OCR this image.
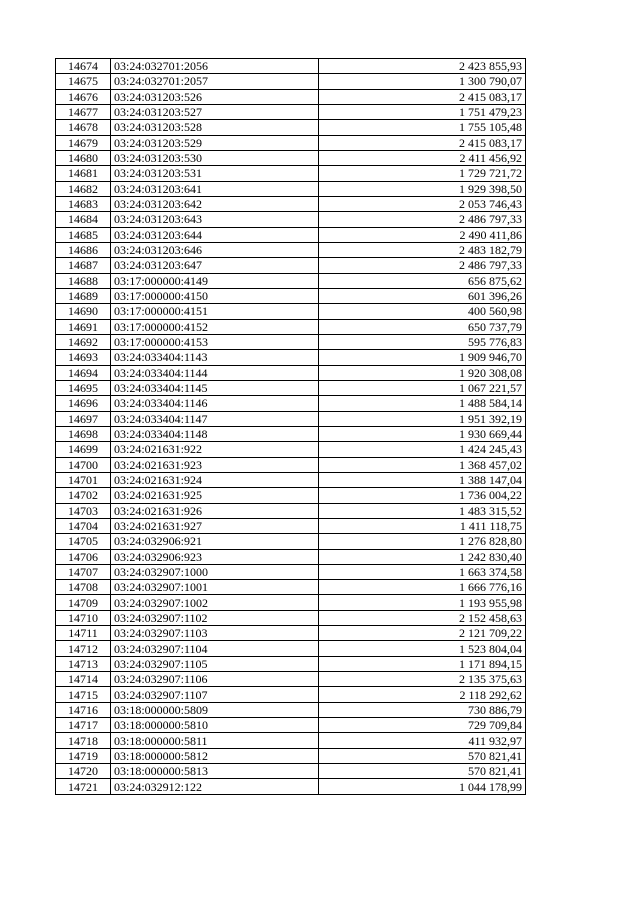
14674	03:24:032701:2056	2 423 855,93
14675	03:24:032701:2057	1 300 790,07
14676	03:24:031203:526	2 415 083,17
14677	03:24:031203:527	1 751 479,23
14678	03:24:031203:528	1 755 105,48
14679	03:24:031203:529	2 415 083,17
14680	03:24:031203:530	2 411 456,92
14681	03:24:031203:531	1 729 721,72
14682	03:24:031203:641	1 929 398,50
14683	03:24:031203:642	2 053 746,43
14684	03:24:031203:643	2 486 797,33
14685	03:24:031203:644	2 490 411,86
14686	03:24:031203:646	2 483 182,79
14687	03:24:031203:647	2 486 797,33
14688	03:17:000000:4149	656 875,62
14689	03:17:000000:4150	601 396,26
14690	03:17:000000:4151	400 560,98
14691	03:17:000000:4152	650 737,79
14692	03:17:000000:4153	595 776,83
14693	03:24:033404:1143	1 909 946,70
14694	03:24:033404:1144	1 920 308,08
14695	03:24:033404:1145	1 067 221,57
14696	03:24:033404:1146	1 488 584,14
14697	03:24:033404:1147	1 951 392,19
14698	03:24:033404:1148	1 930 669,44
14699	03:24:021631:922	1 424 245,43
14700	03:24:021631:923	1 368 457,02
14701	03:24:021631:924	1 388 147,04
14702	03:24:021631:925	1 736 004,22
14703	03:24:021631:926	1 483 315,52
14704	03:24:021631:927	1 411 118,75
14705	03:24:032906:921	1 276 828,80
14706	03:24:032906:923	1 242 830,40
14707	03:24:032907:1000	1 663 374,58
14708	03:24:032907:1001	1 666 776,16
14709	03:24:032907:1002	1 193 955,98
14710	03:24:032907:1102	2 152 458,63
14711	03:24:032907:1103	2 121 709,22
14712	03:24:032907:1104	1 523 804,04
14713	03:24:032907:1105	1 171 894,15
14714	03:24:032907:1106	2 135 375,63
14715	03:24:032907:1107	2 118 292,62
14716	03:18:000000:5809	730 886,79
14717	03:18:000000:5810	729 709,84
14718	03:18:000000:5811	411 932,97
14719	03:18:000000:5812	570 821,41
14720	03:18:000000:5813	570 821,41
14721	03:24:032912:122	1 044 178,99
